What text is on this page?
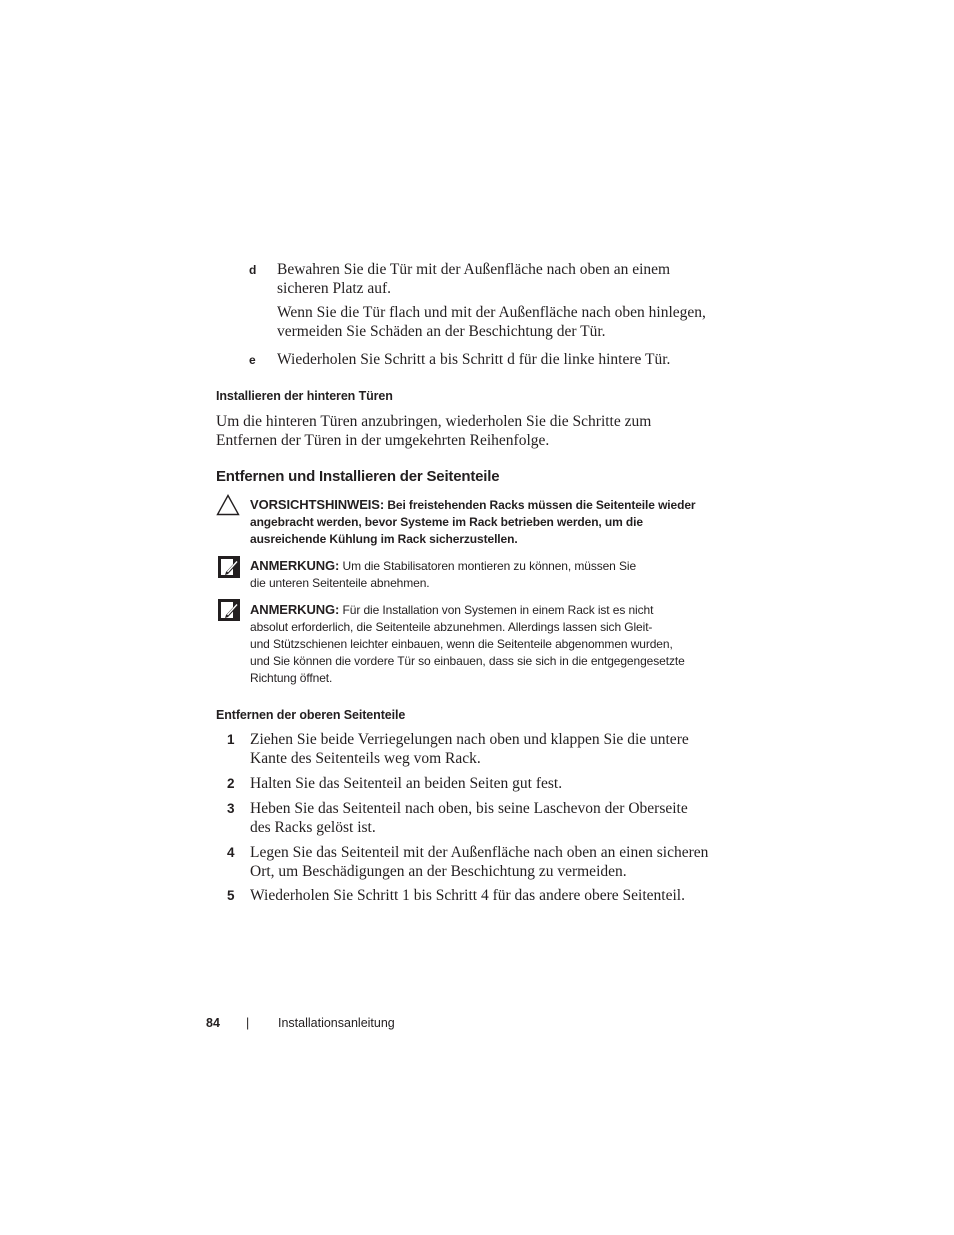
d Bewahren Sie die Tür mit der Außenfläche nach oben an einem
sicheren Platz auf.
Wenn Sie die Tür flach und mit der Außenfläche nach oben hinlegen,
vermeiden Sie Schäden an der Beschichtung der Tür.
e Wiederholen Sie Schritt a bis Schritt d für die linke hintere Tür.
Installieren der hinteren Türen
Um die hinteren Türen anzubringen, wiederholen Sie die Schritte zum
Entfernen der Türen in der umgekehrten Reihenfolge.
Entfernen und Installieren der Seitenteile
VORSICHTSHINWEIS: Bei freistehenden Racks müssen die Seitenteile wieder
angebracht werden, bevor Systeme im Rack betrieben werden, um die
ausreichende Kühlung im Rack sicherzustellen.
ANMERKUNG: Um die Stabilisatoren montieren zu können, müssen Sie
die unteren Seitenteile abnehmen.
ANMERKUNG: Für die Installation von Systemen in einem Rack ist es nicht
absolut erforderlich, die Seitenteile abzunehmen. Allerdings lassen sich Gleit-
und Stützschienen leichter einbauen, wenn die Seitenteile abgenommen wurden,
und Sie können die vordere Tür so einbauen, dass sie sich in die entgegengesetzte
Richtung öffnet.
Entfernen der oberen Seitenteile
1 Ziehen Sie beide Verriegelungen nach oben und klappen Sie die untere
Kante des Seitenteils weg vom Rack.
2 Halten Sie das Seitenteil an beiden Seiten gut fest.
3 Heben Sie das Seitenteil nach oben, bis seine Laschevon der Oberseite
des Racks gelöst ist.
4 Legen Sie das Seitenteil mit der Außenfläche nach oben an einen sicheren
Ort, um Beschädigungen an der Beschichtung zu vermeiden.
5 Wiederholen Sie Schritt 1 bis Schritt 4 für das andere obere Seitenteil.
84 | Installationsanleitung
